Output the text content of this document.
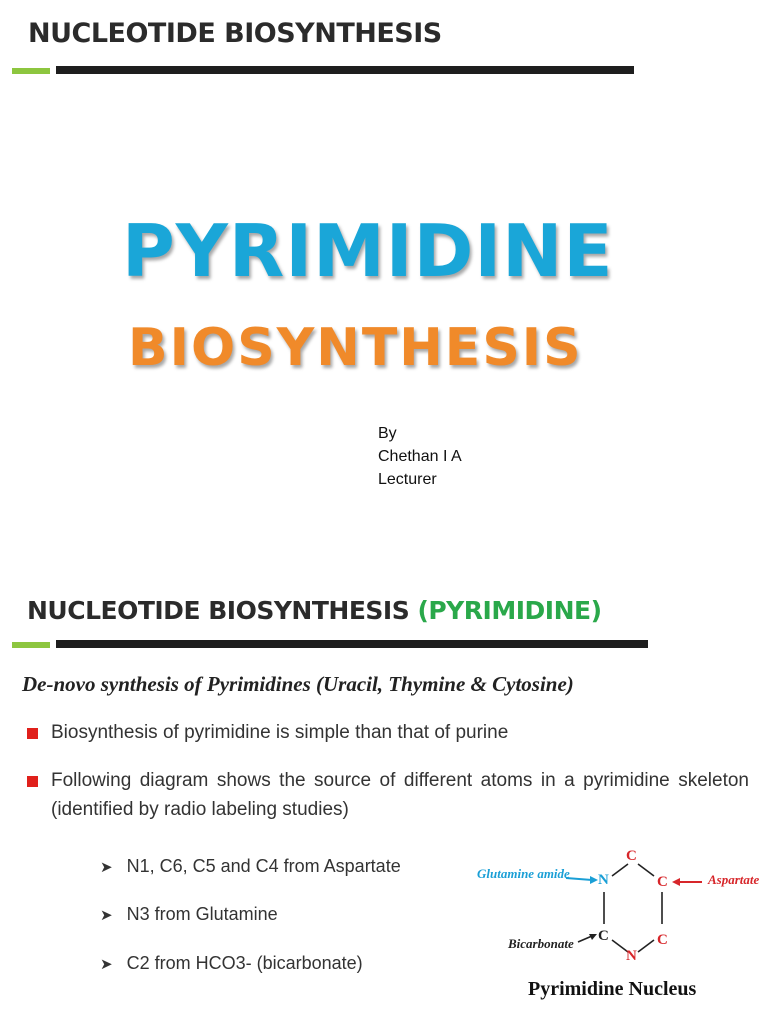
NUCLEOTIDE BIOSYNTHESIS
PYRIMIDINE
BIOSYNTHESIS
By
Chethan I A
Lecturer
NUCLEOTIDE BIOSYNTHESIS (PYRIMIDINE)
De-novo synthesis of Pyrimidines (Uracil, Thymine & Cytosine)
Biosynthesis of pyrimidine is simple than that of purine
Following diagram shows the source of different atoms in a pyrimidine skeleton (identified by radio labeling studies)
➤ N1, C6, C5 and C4 from Aspartate
➤ N3 from Glutamine
➤ C2 from HCO3- (bicarbonate)
Glutamine amide	Aspartate
Bicarbonate
C
N	C
C
N
C
Pyrimidine Nucleus
